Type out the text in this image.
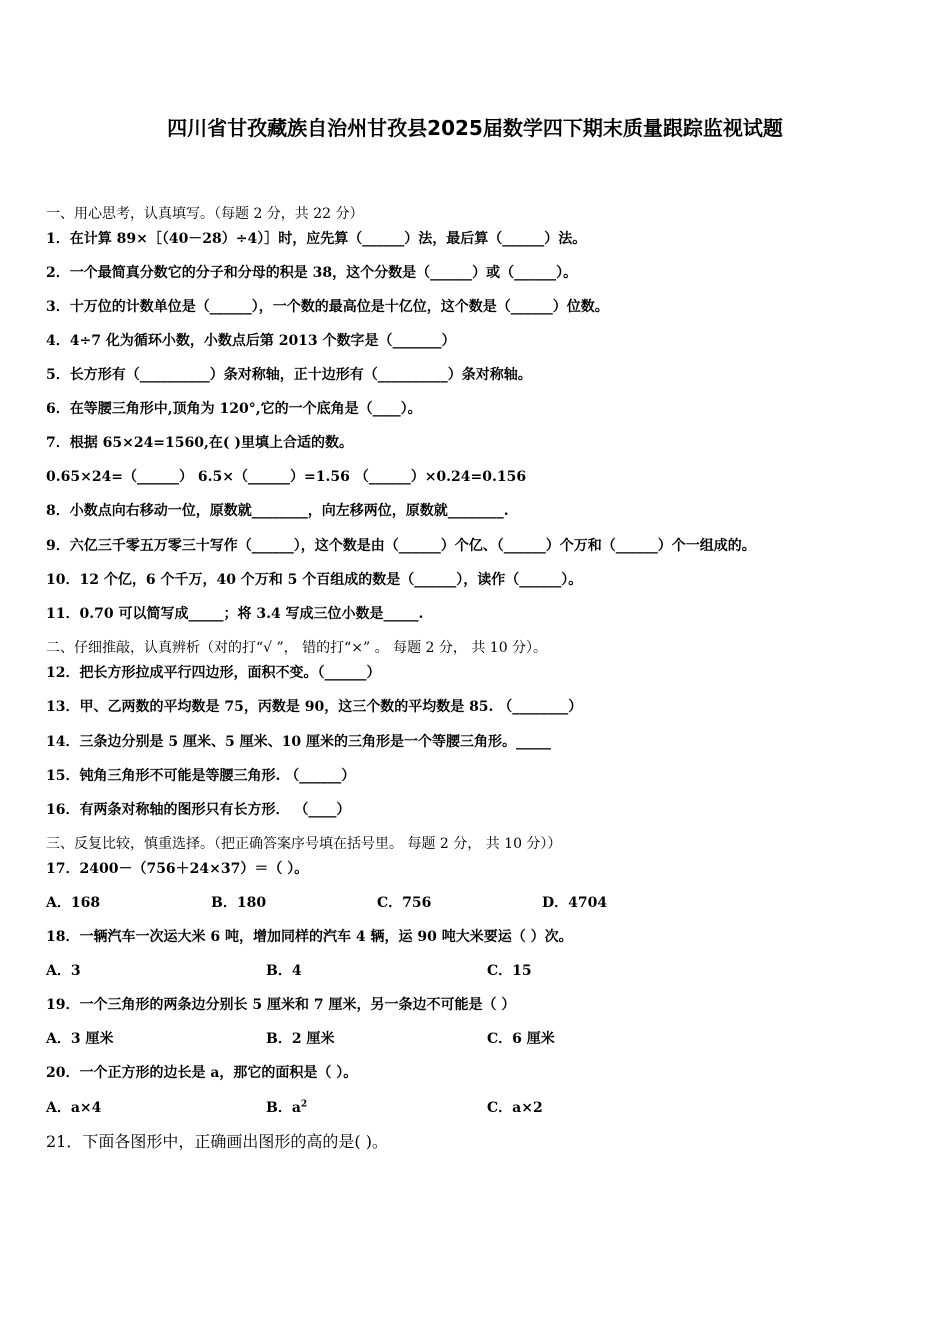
四川省甘孜藏族自治州甘孜县2025届数学四下期末质量跟踪监视试题
一、用心思考，认真填写。（每题 2 分，共 22 分）
1．在计算 89×［（40－28）÷4）］时，应先算（______）法，最后算（______）法。
2．一个最简真分数它的分子和分母的积是 38，这个分数是（______）或（______）。
3．十万位的计数单位是（______），一个数的最高位是十亿位，这个数是（______）位数。
4．4÷7 化为循环小数，小数点后第 2013 个数字是（_______）
5．长方形有（__________）条对称轴，正十边形有（__________）条对称轴。
6．在等腰三角形中,顶角为 120°,它的一个底角是（____）。
7．根据 65×24=1560,在( )里填上合适的数。
0.65×24=（______） 6.5×（______）=1.56 （______）×0.24=0.156
8．小数点向右移动一位，原数就________，向左移两位，原数就________.
9．六亿三千零五万零三十写作（______），这个数是由（______）个亿、（______）个万和（______）个一组成的。
10．12 个亿，6 个千万，40 个万和 5 个百组成的数是（______），读作（______）。
11．0.70 可以简写成_____；将 3.4 写成三位小数是_____.
二、仔细推敲，认真辨析（对的打“√ ”， 错的打“×” 。 每题 2 分， 共 10 分）。
12．把长方形拉成平行四边形，面积不变。（______）
13．甲、乙两数的平均数是 75，丙数是 90，这三个数的平均数是 85. （________）
14．三条边分别是 5 厘米、5 厘米、10 厘米的三角形是一个等腰三角形。_____
15．钝角三角形不可能是等腰三角形. （______）
16．有两条对称轴的图形只有长方形． （____）
三、反复比较，慎重选择。（把正确答案序号填在括号里。 每题 2 分， 共 10 分））
17．2400－（756＋24×37）＝（ ）。
A．168	B．180	C．756	D．4704
18．一辆汽车一次运大米 6 吨，增加同样的汽车 4 辆，运 90 吨大米要运（ ）次。
A．3	B．4	C．15
19．一个三角形的两条边分别长 5 厘米和 7 厘米，另一条边不可能是（ ）
A．3 厘米	B．2 厘米	C．6 厘米
20．一个正方形的边长是 a，那它的面积是（ ）。
A．a×4	B．$a^2$	C．a×2
21．下面各图形中，正确画出图形的高的是( )。
